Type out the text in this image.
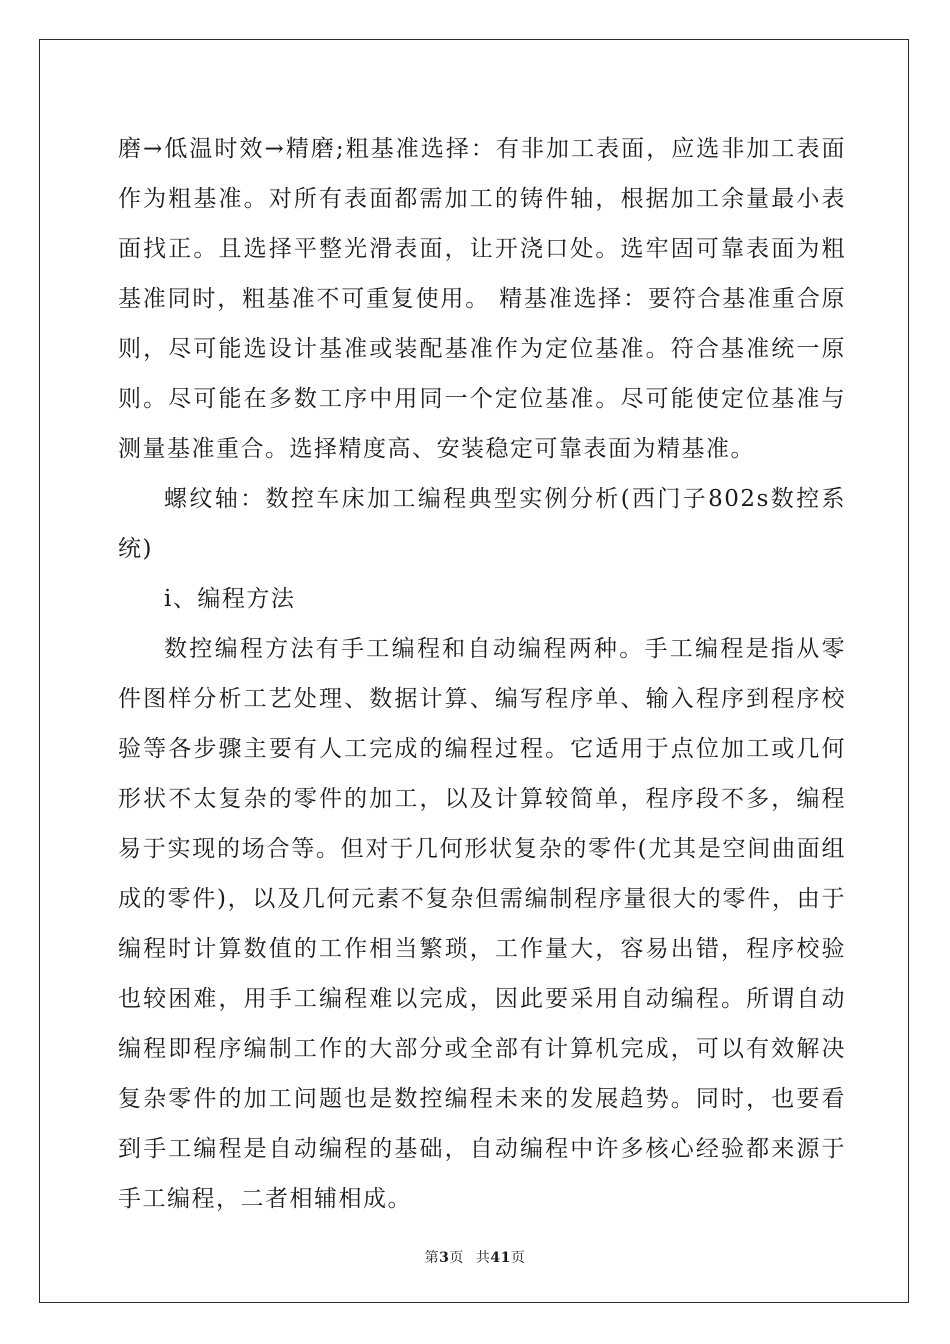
磨→低温时效→精磨;粗基准选择：有非加工表面，应选非加工表面作为粗基准。对所有表面都需加工的铸件轴，根据加工余量最小表面找正。且选择平整光滑表面，让开浇口处。选牢固可靠表面为粗基准同时，粗基准不可重复使用。 精基准选择：要符合基准重合原则，尽可能选设计基准或装配基准作为定位基准。符合基准统一原则。尽可能在多数工序中用同一个定位基准。尽可能使定位基准与测量基准重合。选择精度高、安装稳定可靠表面为精基准。

螺纹轴：数控车床加工编程典型实例分析(西门子802s数控系统)

ⅰ、编程方法

数控编程方法有手工编程和自动编程两种。手工编程是指从零件图样分析工艺处理、数据计算、编写程序单、输入程序到程序校验等各步骤主要有人工完成的编程过程。它适用于点位加工或几何形状不太复杂的零件的加工，以及计算较简单，程序段不多，编程易于实现的场合等。但对于几何形状复杂的零件(尤其是空间曲面组成的零件)，以及几何元素不复杂但需编制程序量很大的零件，由于编程时计算数值的工作相当繁琐，工作量大，容易出错，程序校验也较困难，用手工编程难以完成，因此要采用自动编程。所谓自动编程即程序编制工作的大部分或全部有计算机完成，可以有效解决复杂零件的加工问题也是数控编程未来的发展趋势。同时，也要看到手工编程是自动编程的基础，自动编程中许多核心经验都来源于手工编程，二者相辅相成。

第3页 共41页
